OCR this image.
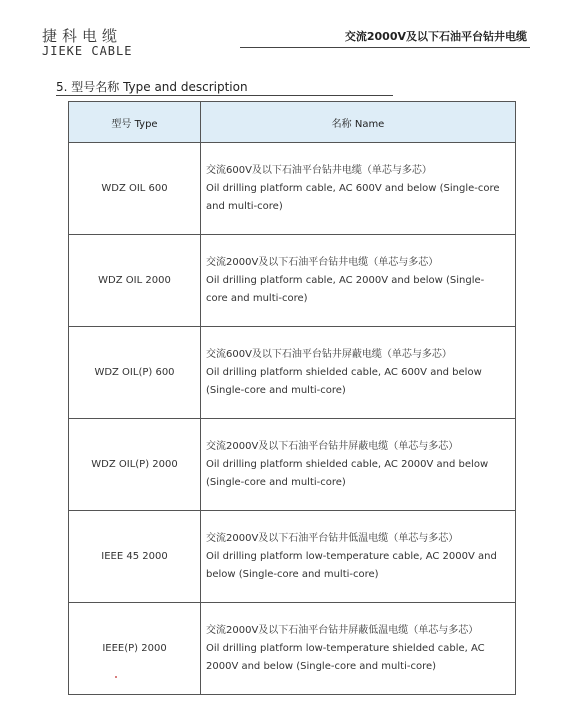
捷科电缆
JIEKE CABLE
交流2000V及以下石油平台钻井电缆
5. 型号名称 Type and description
型号 Type	名称 Name
WDZ OIL 600	交流600V及以下石油平台钻井电缆（单芯与多芯）
Oil drilling platform cable, AC 600V and below (Single-core and multi-core)

WDZ OIL 2000	交流2000V及以下石油平台钻井电缆（单芯与多芯）
Oil drilling platform cable, AC 2000V and below (Single-core and multi-core)

WDZ OIL(P) 600	交流600V及以下石油平台钻井屏蔽电缆（单芯与多芯）
Oil drilling platform shielded cable, AC 600V and below (Single-core and multi-core)

WDZ OIL(P) 2000	交流2000V及以下石油平台钻井屏蔽电缆（单芯与多芯）
Oil drilling platform shielded cable, AC 2000V and below (Single-core and multi-core)

IEEE 45 2000	交流2000V及以下石油平台钻井低温电缆（单芯与多芯）
Oil drilling platform low-temperature cable, AC 2000V and below (Single-core and multi-core)

IEEE(P) 2000	交流2000V及以下石油平台钻井屏蔽低温电缆（单芯与多芯）
Oil drilling platform low-temperature shielded cable, AC 2000V and below (Single-core and multi-core)
